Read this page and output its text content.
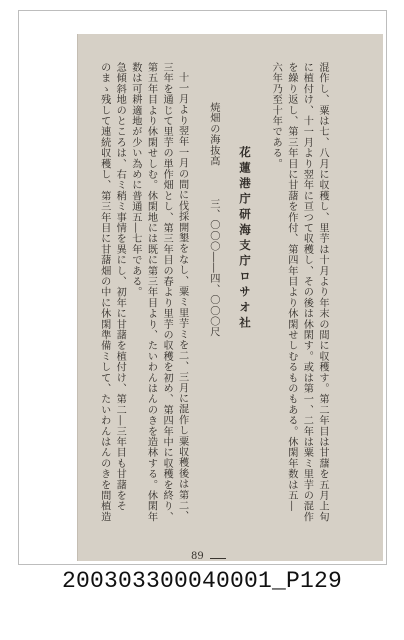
89
混作し、粟は七、八月に収穫し、里芋は十月より年末の間に収穫す。第二年目は甘藷を五月上旬
に植付け、十一月より翌年に亘つて収穫し、その後は休閑す。或は第一、二年は粟ミ里芋の混作
を繰り返し、第三年目に甘藷を作付、第四年目より休閑せしむるものもある。休閑年数は五―
六年乃至十年である。
花蓮港庁研海支庁ロサオ社
焼畑の海抜高　　　三、〇〇〇――四、〇〇〇尺
十一月より翌年一月の間に伐採開墾をなし、粟ミ里芋ミを二、三月に混作し粟収穫後は第二、
三年を通じて里芋の単作畑とし、第三年目の春より里芋の収穫を初め、第四年中に収穫を終り、
第五年目より休閑せしむ。休閑地には既に第三年目より、たいわんはんのきを造林する。休閑年
数は可耕適地が少い為めに普通五―七年である。
急傾斜地のところは、右ミ稍ミ事情を異にし、初年に甘藷を植付け、第二―三年目も甘藷をそ
のまゝ残して連続収穫し、第三年目に甘藷畑の中に休閑準備ミして、たいわんはんのきを間植造
200303300040001_P129
